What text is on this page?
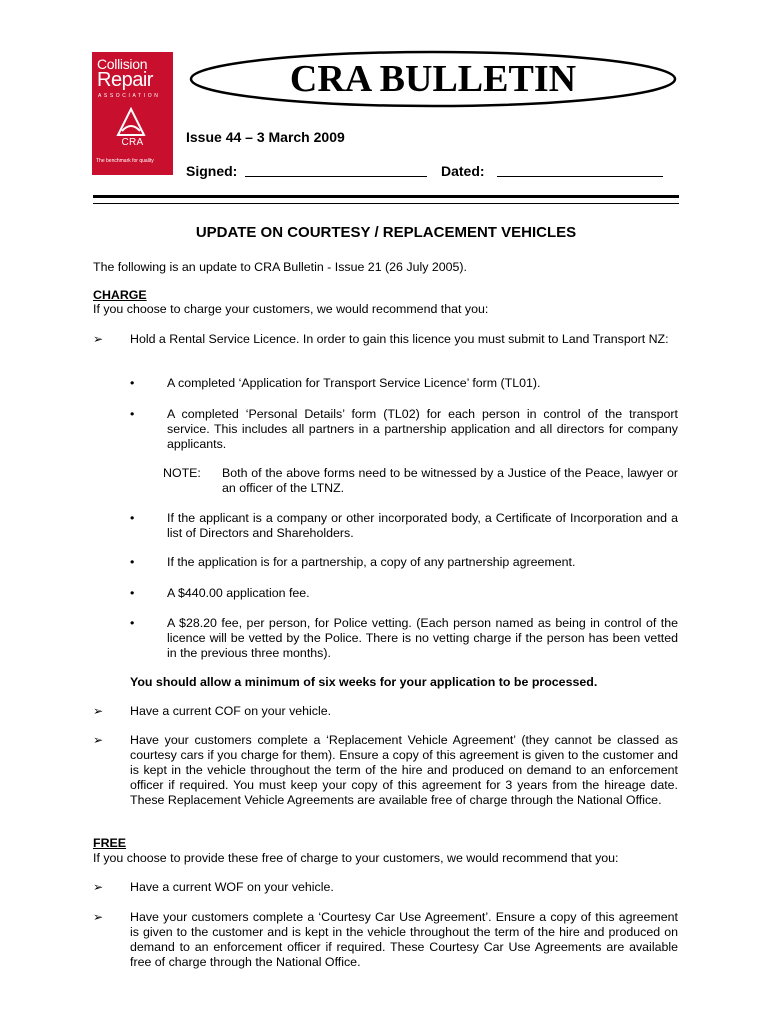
Collision
Repair
ASSOCIATION
CRA
The benchmark for quality
CRA BULLETIN
Issue 44 – 3 March 2009
Signed:	Dated:
UPDATE ON COURTESY / REPLACEMENT VEHICLES
The following is an update to CRA Bulletin - Issue 21 (26 July 2005).
CHARGE
If you choose to charge your customers, we would recommend that you:
➢ Hold a Rental Service Licence. In order to gain this licence you must submit to Land Transport NZ:
•	A completed ‘Application for Transport Service Licence’ form (TL01).
•	A completed ‘Personal Details’ form (TL02) for each person in control of the transport service. This includes all partners in a partnership application and all directors for company applicants.
NOTE: Both of the above forms need to be witnessed by a Justice of the Peace, lawyer or an officer of the LTNZ.
•	If the applicant is a company or other incorporated body, a Certificate of Incorporation and a list of Directors and Shareholders.
•	If the application is for a partnership, a copy of any partnership agreement.
•	A $440.00 application fee.
•	A $28.20 fee, per person, for Police vetting. (Each person named as being in control of the licence will be vetted by the Police. There is no vetting charge if the person has been vetted in the previous three months).
You should allow a minimum of six weeks for your application to be processed.
➢ Have a current COF on your vehicle.
➢ Have your customers complete a ‘Replacement Vehicle Agreement’ (they cannot be classed as courtesy cars if you charge for them). Ensure a copy of this agreement is given to the customer and is kept in the vehicle throughout the term of the hire and produced on demand to an enforcement officer if required. You must keep your copy of this agreement for 3 years from the hireage date. These Replacement Vehicle Agreements are available free of charge through the National Office.
FREE
If you choose to provide these free of charge to your customers, we would recommend that you:
➢ Have a current WOF on your vehicle.
➢ Have your customers complete a ‘Courtesy Car Use Agreement’. Ensure a copy of this agreement is given to the customer and is kept in the vehicle throughout the term of the hire and produced on demand to an enforcement officer if required. These Courtesy Car Use Agreements are available free of charge through the National Office.
